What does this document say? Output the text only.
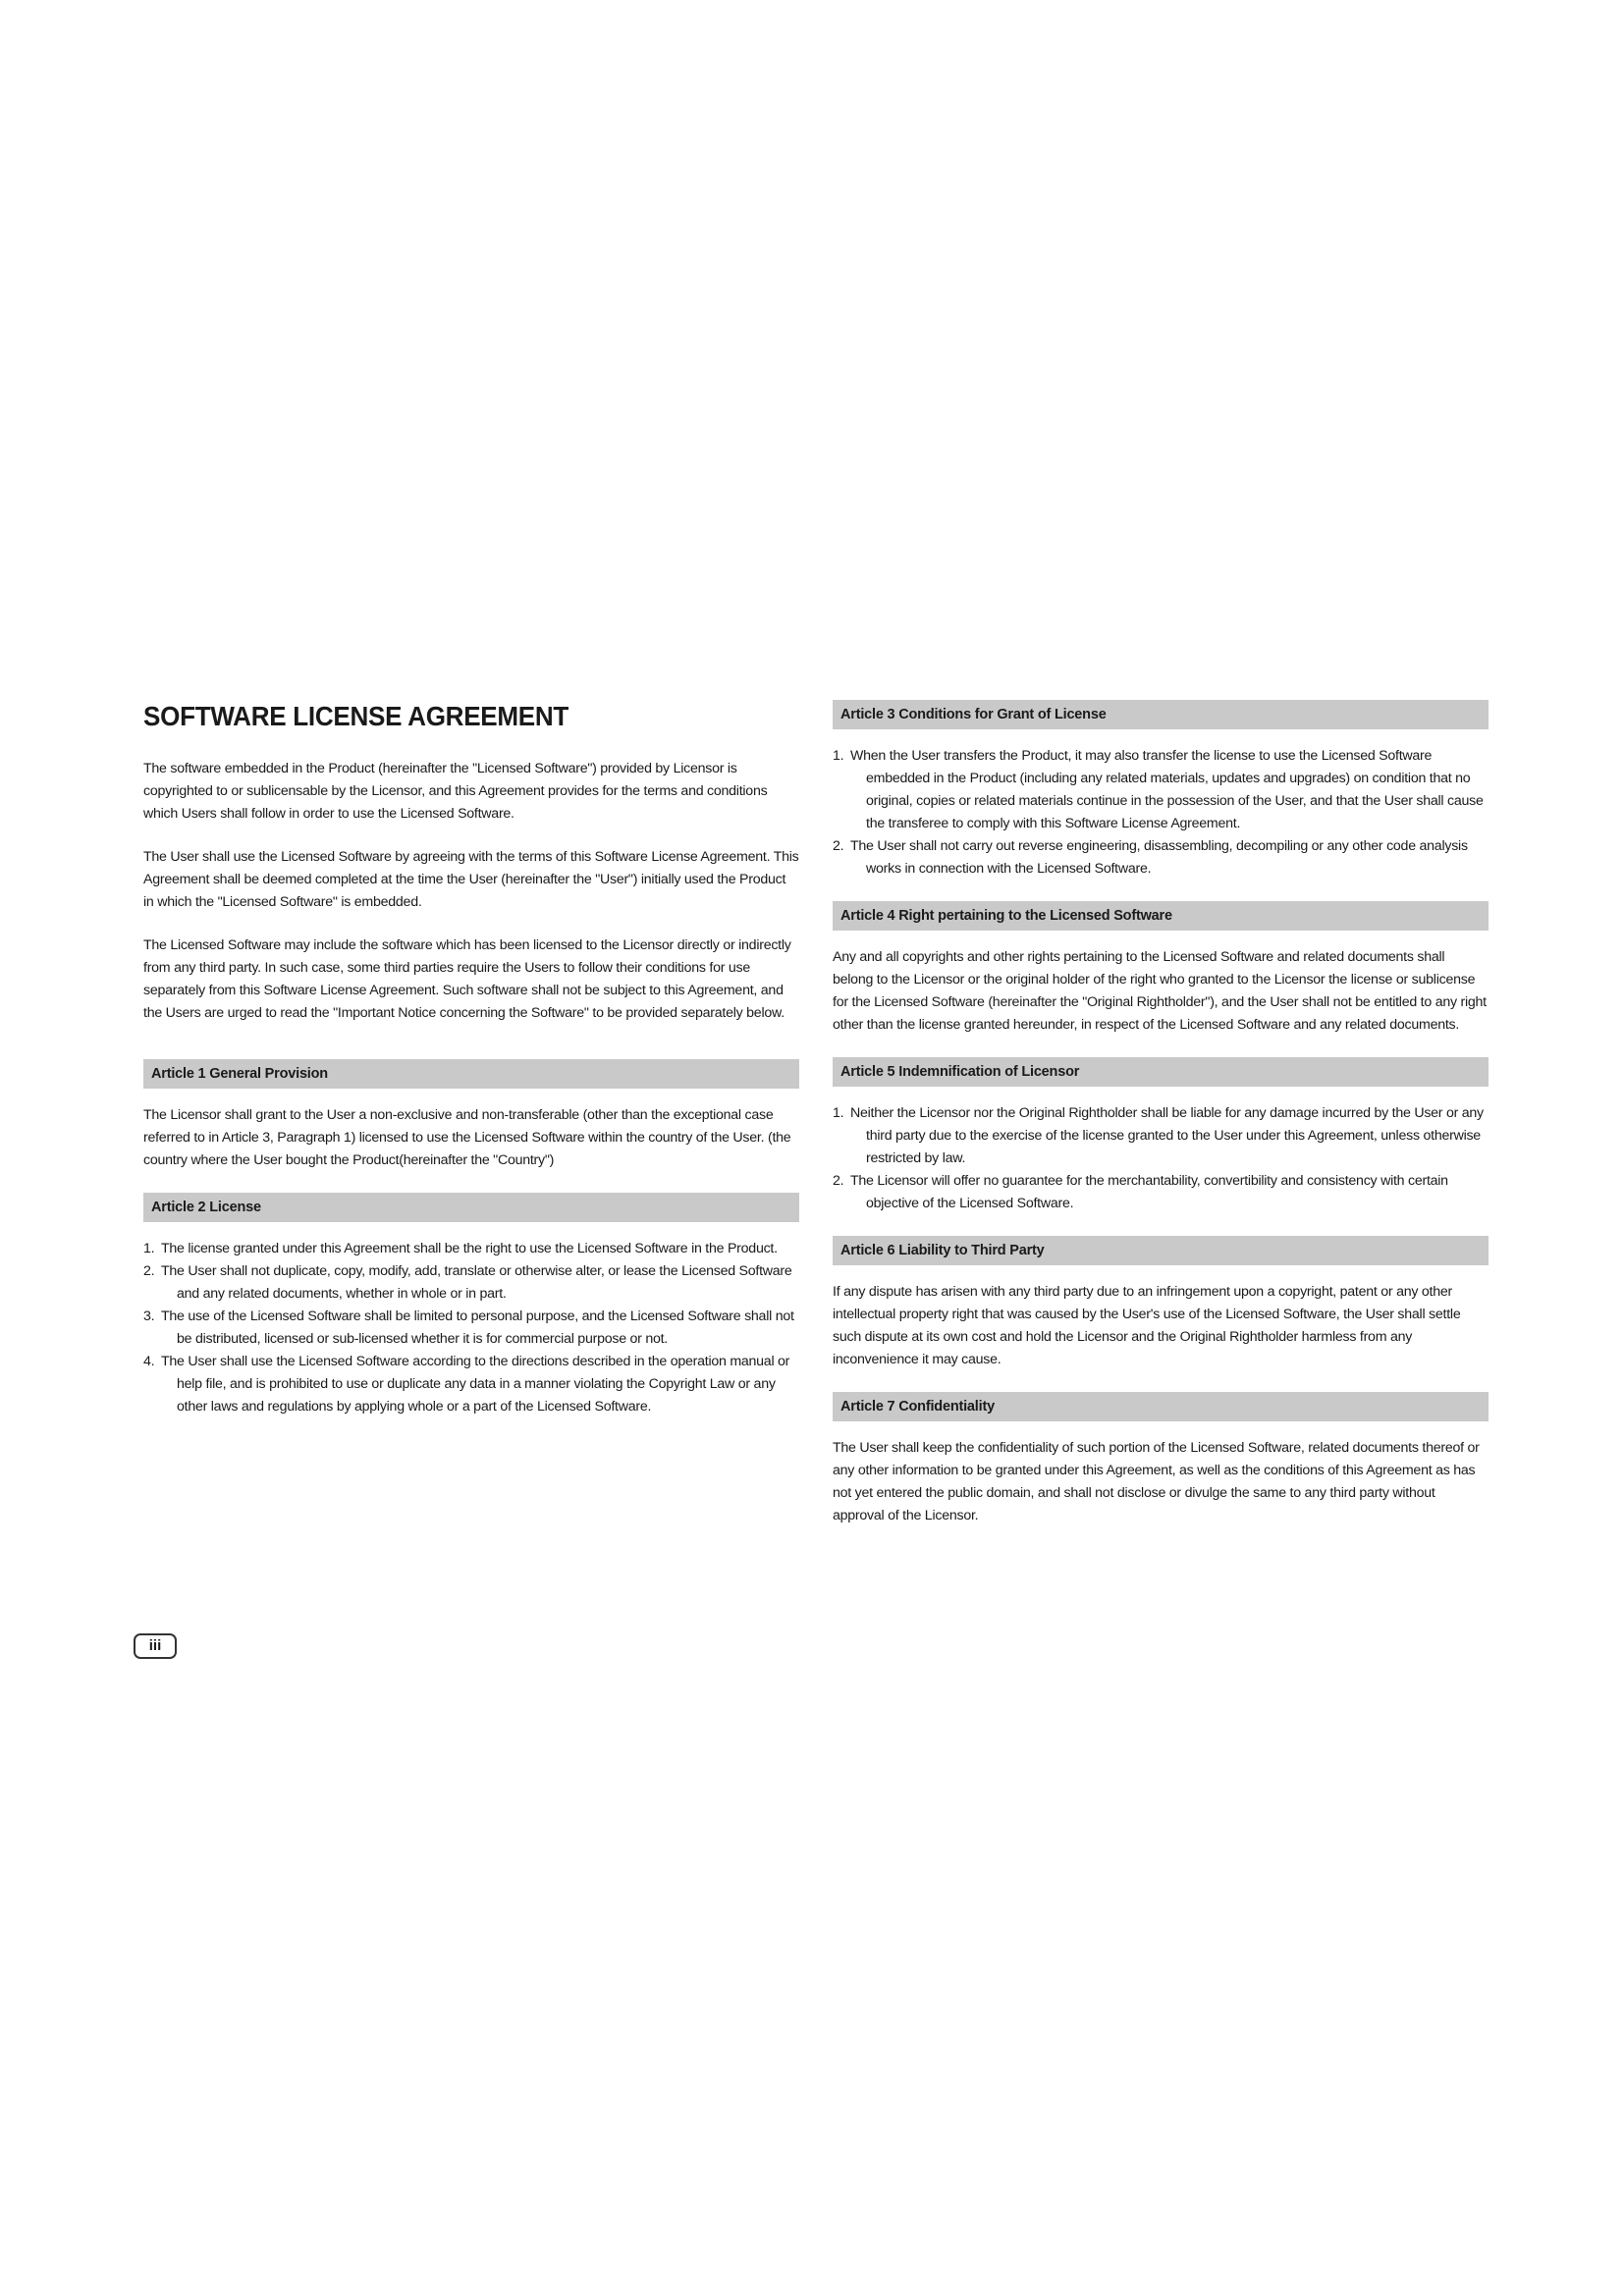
SOFTWARE LICENSE AGREEMENT

The software embedded in the Product (hereinafter the "Licensed Software") provided by Licensor is copyrighted to or sublicensable by the Licensor, and this Agreement provides for the terms and conditions which Users shall follow in order to use the Licensed Software.

The User shall use the Licensed Software by agreeing with the terms of this Software License Agreement. This Agreement shall be deemed completed at the time the User (hereinafter the "User") initially used the Product in which the "Licensed Software" is embedded.

The Licensed Software may include the software which has been licensed to the Licensor directly or indirectly from any third party. In such case, some third parties require the Users to follow their conditions for use separately from this Software License Agreement. Such software shall not be subject to this Agreement, and the Users are urged to read the "Important Notice concerning the Software" to be provided separately below.

Article 1 General Provision

The Licensor shall grant to the User a non-exclusive and non-transferable (other than the exceptional case referred to in Article 3, Paragraph 1) licensed to use the Licensed Software within the country of the User. (the country where the User bought the Product(hereinafter the "Country")

Article 2 License
1. The license granted under this Agreement shall be the right to use the Licensed Software in the Product.
2. The User shall not duplicate, copy, modify, add, translate or otherwise alter, or lease the Licensed Software and any related documents, whether in whole or in part.
3. The use of the Licensed Software shall be limited to personal purpose, and the Licensed Software shall not be distributed, licensed or sub-licensed whether it is for commercial purpose or not.
4. The User shall use the Licensed Software according to the directions described in the operation manual or help file, and is prohibited to use or duplicate any data in a manner violating the Copyright Law or any other laws and regulations by applying whole or a part of the Licensed Software.
Article 3 Conditions for Grant of License
1. When the User transfers the Product, it may also transfer the license to use the Licensed Software embedded in the Product (including any related materials, updates and upgrades) on condition that no original, copies or related materials continue in the possession of the User, and that the User shall cause the transferee to comply with this Software License Agreement.
2. The User shall not carry out reverse engineering, disassembling, decompiling or any other code analysis works in connection with the Licensed Software.
Article 4 Right pertaining to the Licensed Software

Any and all copyrights and other rights pertaining to the Licensed Software and related documents shall belong to the Licensor or the original holder of the right who granted to the Licensor the license or sublicense for the Licensed Software (hereinafter the "Original Rightholder"), and the User shall not be entitled to any right other than the license granted hereunder, in respect of the Licensed Software and any related documents.

Article 5 Indemnification of Licensor
1. Neither the Licensor nor the Original Rightholder shall be liable for any damage incurred by the User or any third party due to the exercise of the license granted to the User under this Agreement, unless otherwise restricted by law.
2. The Licensor will offer no guarantee for the merchantability, convertibility and consistency with certain objective of the Licensed Software.
Article 6 Liability to Third Party

If any dispute has arisen with any third party due to an infringement upon a copyright, patent or any other intellectual property right that was caused by the User's use of the Licensed Software, the User shall settle such dispute at its own cost and hold the Licensor and the Original Rightholder harmless from any inconvenience it may cause.

Article 7 Confidentiality

The User shall keep the confidentiality of such portion of the Licensed Software, related documents thereof or any other information to be granted under this Agreement, as well as the conditions of this Agreement as has not yet entered the public domain, and shall not disclose or divulge the same to any third party without approval of the Licensor.

iii
